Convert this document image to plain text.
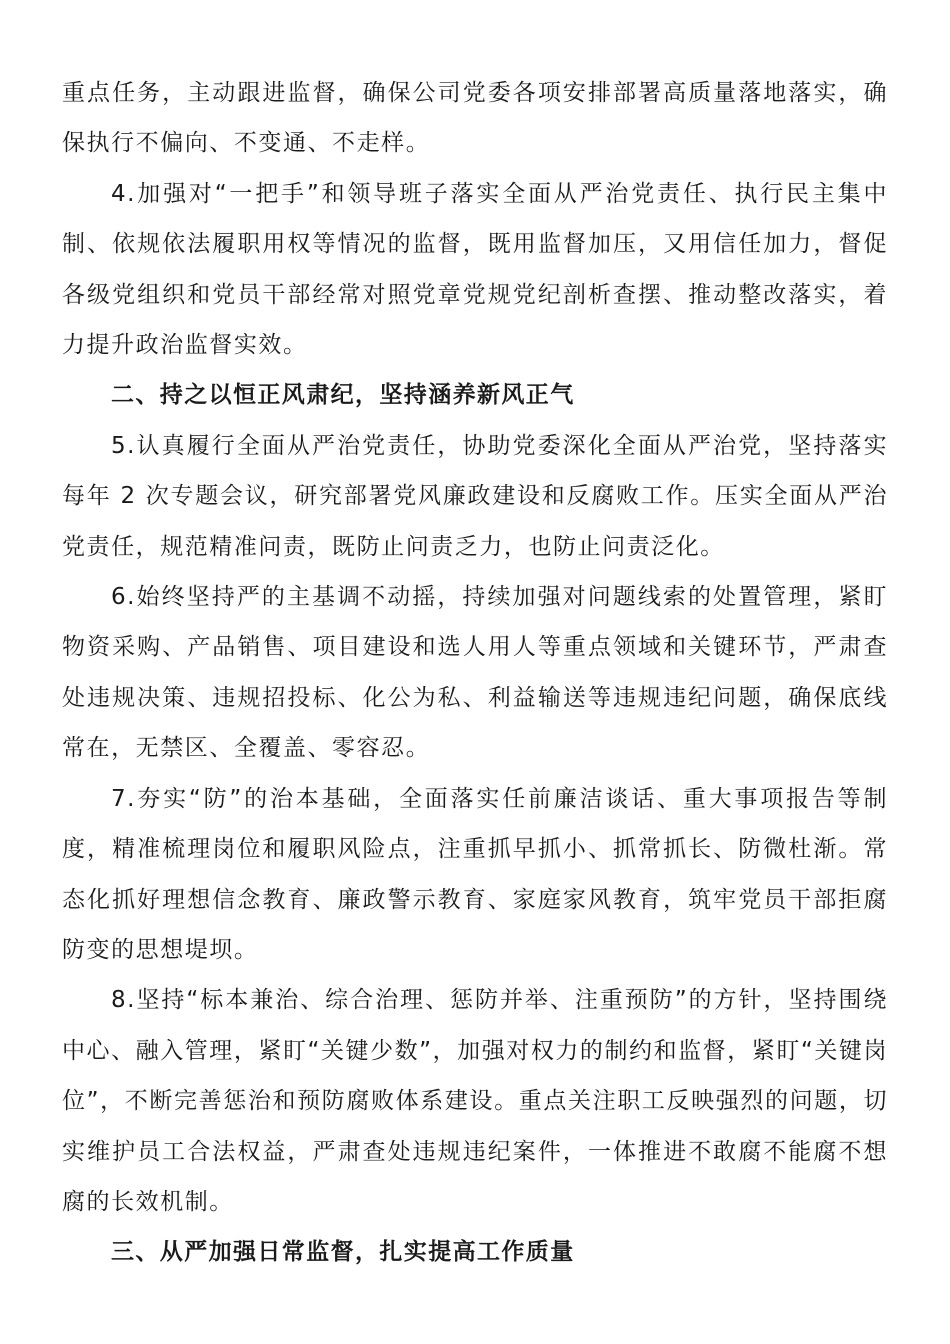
重点任务，主动跟进监督，确保公司党委各项安排部署高质量落地落实，确保执行不偏向、不变通、不走样。

4.加强对“一把手”和领导班子落实全面从严治党责任、执行民主集中制、依规依法履职用权等情况的监督，既用监督加压，又用信任加力，督促各级党组织和党员干部经常对照党章党规党纪剖析查摆、推动整改落实，着力提升政治监督实效。

二、持之以恒正风肃纪，坚持涵养新风正气

5.认真履行全面从严治党责任，协助党委深化全面从严治党，坚持落实每年 2 次专题会议，研究部署党风廉政建设和反腐败工作。压实全面从严治党责任，规范精准问责，既防止问责乏力，也防止问责泛化。

6.始终坚持严的主基调不动摇，持续加强对问题线索的处置管理，紧盯物资采购、产品销售、项目建设和选人用人等重点领域和关键环节，严肃查处违规决策、违规招投标、化公为私、利益输送等违规违纪问题，确保底线常在，无禁区、全覆盖、零容忍。

7.夯实“防”的治本基础，全面落实任前廉洁谈话、重大事项报告等制度，精准梳理岗位和履职风险点，注重抓早抓小、抓常抓长、防微杜渐。常态化抓好理想信念教育、廉政警示教育、家庭家风教育，筑牢党员干部拒腐防变的思想堤坝。

8.坚持“标本兼治、综合治理、惩防并举、注重预防”的方针，坚持围绕中心、融入管理，紧盯“关键少数”，加强对权力的制约和监督，紧盯“关键岗位”，不断完善惩治和预防腐败体系建设。重点关注职工反映强烈的问题，切实维护员工合法权益，严肃查处违规违纪案件，一体推进不敢腐不能腐不想腐的长效机制。

三、从严加强日常监督，扎实提高工作质量
